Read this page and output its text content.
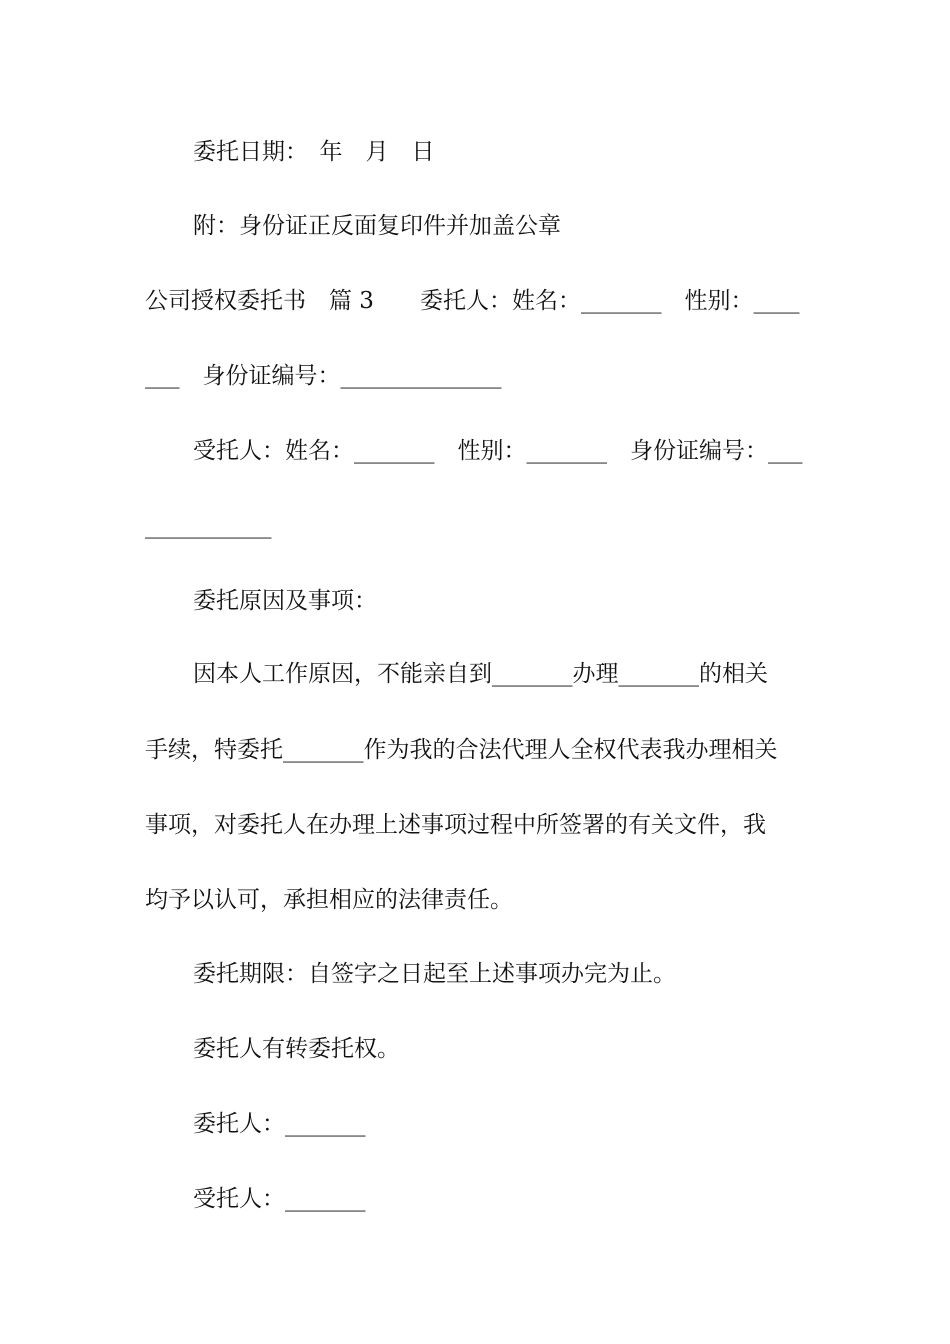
委托日期：　年　月　日
附：身份证正反面复印件并加盖公章
公司授权委托书　篇 3　　委托人：姓名：_______　性别：____
___　身份证编号：______________
受托人：姓名：_______　性别：_______　身份证编号：___
___________
委托原因及事项：
因本人工作原因，不能亲自到_______办理_______的相关
手续，特委托_______作为我的合法代理人全权代表我办理相关
事项，对委托人在办理上述事项过程中所签署的有关文件，我
均予以认可，承担相应的法律责任。
委托期限：自签字之日起至上述事项办完为止。
委托人有转委托权。
委托人：_______
受托人：_______
